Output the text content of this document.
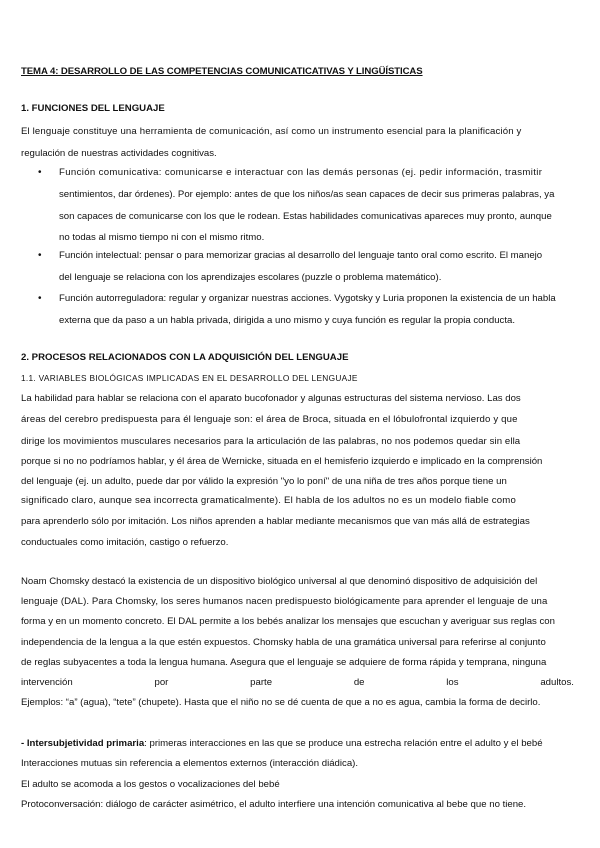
TEMA 4: DESARROLLO DE LAS COMPETENCIAS COMUNICATICATIVAS Y LINGÜÍSTICAS
1. FUNCIONES DEL LENGUAJE
El lenguaje constituye una herramienta de comunicación, así como un instrumento esencial para la planificación y
regulación de nuestras actividades cognitivas.
• Función comunicativa: comunicarse e interactuar con las demás personas (ej. pedir información, trasmitir
sentimientos, dar órdenes). Por ejemplo: antes de que los niños/as sean capaces de decir sus primeras palabras, ya
son capaces de comunicarse con los que le rodean. Estas habilidades comunicativas apareces muy pronto, aunque
no todas al mismo tiempo ni con el mismo ritmo.
• Función intelectual: pensar o para memorizar gracias al desarrollo del lenguaje tanto oral como escrito. El manejo
del lenguaje se relaciona con los aprendizajes escolares (puzzle o problema matemático).
• Función autorreguladora: regular y organizar nuestras acciones. Vygotsky y Luria proponen la existencia de un habla
externa que da paso a un habla privada, dirigida a uno mismo y cuya función es regular la propia conducta.
2. PROCESOS RELACIONADOS CON LA ADQUISICIÓN DEL LENGUAJE
1.1. VARIABLES BIOLÓGICAS IMPLICADAS EN EL DESARROLLO DEL LENGUAJE
La habilidad para hablar se relaciona con el aparato bucofonador y algunas estructuras del sistema nervioso. Las dos
áreas del cerebro predispuesta para él lenguaje son: el área de Broca, situada en el lóbulofrontal izquierdo y que
dirige los movimientos musculares necesarios para la articulación de las palabras, no nos podemos quedar sin ella
porque si no no podríamos hablar, y él área de Wernicke, situada en el hemisferio izquierdo e implicado en la comprensión
del lenguaje (ej. un adulto, puede dar por válido la expresión "yo lo poní" de una niña de tres años porque tiene un
significado claro, aunque sea incorrecta gramaticalmente). El habla de los adultos no es un modelo fiable como
para aprenderlo sólo por imitación. Los niños aprenden a hablar mediante mecanismos que van más allá de estrategias
conductuales como imitación, castigo o refuerzo.
Noam Chomsky destacó la existencia de un dispositivo biológico universal al que denominó dispositivo de adquisición del
lenguaje (DAL). Para Chomsky, los seres humanos nacen predispuesto biológicamente para aprender el lenguaje de una
forma y en un momento concreto. El DAL permite a los bebés analizar los mensajes que escuchan y averiguar sus reglas con
independencia de la lengua a la que estén expuestos. Chomsky habla de una gramática universal para referirse al conjunto
de reglas subyacentes a toda la lengua humana. Asegura que el lenguaje se adquiere de forma rápida y temprana, ninguna
intervención	por	parte	de	los	adultos.
Ejemplos: “a” (agua), “tete” (chupete). Hasta que el niño no se dé cuenta de que a no es agua, cambia la forma de decirlo.
- Intersubjetividad primaria: primeras interacciones en las que se produce una estrecha relación entre el adulto y el bebé
Interacciones mutuas sin referencia a elementos externos (interacción diádica).
El adulto se acomoda a los gestos o vocalizaciones del bebé
Protoconversación: diálogo de carácter asimétrico, el adulto interfiere una intención comunicativa al bebe que no tiene.
